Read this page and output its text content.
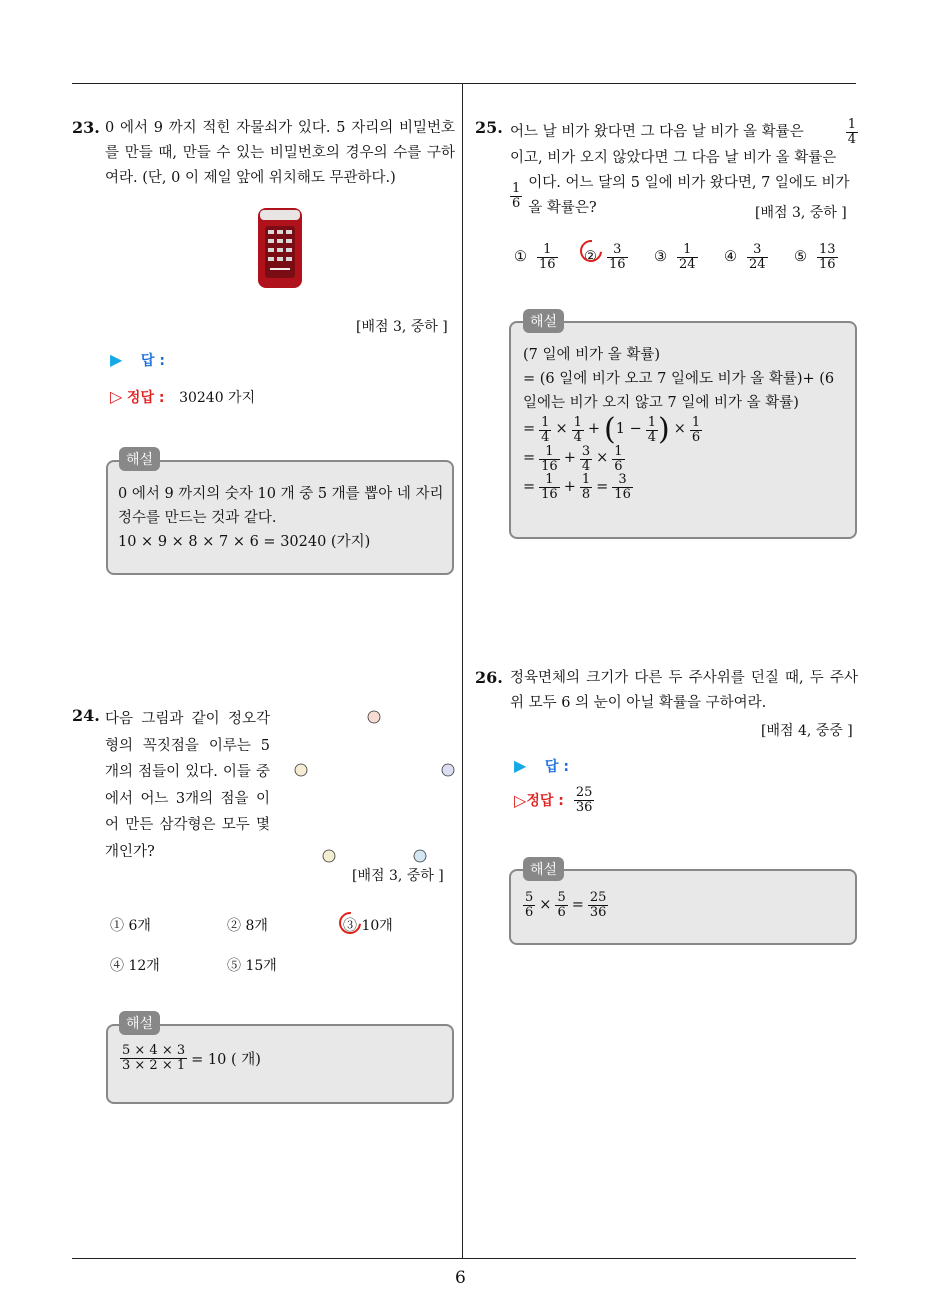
6
23. 0 에서 9 까지 적힌 자물쇠가 있다. 5 자리의 비밀번호를 만들 때, 만들 수 있는 비밀번호의 경우의 수를 구하여라. (단, 0 이 제일 앞에 위치해도 무관하다.)
[배점 3, 중하 ]
▶ 답 :
▷ 정답 : 30240 가지
0 에서 9 까지의 숫자 10 개 중 5 개를 뽑아 네 자리 정수를 만드는 것과 같다.
10 × 9 × 8 × 7 × 6 = 30240 (가지)
해설
24. 다음 그림과 같이 정오각형의 꼭짓점을 이루는 5 개의 점들이 있다. 이들 중에서 어느 3개의 점을 이어 만든 삼각형은 모두 몇 개인가?
[배점 3, 중하 ]
① 6개	② 8개	③ 10개
④ 12개	⑤ 15개
$\frac{5 \times 4 \times 3}{3 \times 2 \times 1} = 10$ ( 개)
해설
25. 어느 날 비가 왔다면 그 다음 날 비가 올 확률은	1
4
이고, 비가 오지 않았다면 그 다음 날 비가 올 확률은
1
6
이다. 어느 달의 5 일에 비가 왔다면, 7 일에도 비가 올 확률은?	[배점 3, 중하 ]
① 1
16 ② 3
16 ③ 1
24 ④ 3
24 ⑤ 13
16
(7 일에 비가 올 확률)
= (6 일에 비가 오고 7 일에도 비가 올 확률)+ (6 일에는 비가 오지 않고 7 일에 비가 올 확률)
= $\frac{1}{4} \times \frac{1}{4}$ + ( 1 − 1
4 ) × $\frac{1}{6}$
= 1
$16 + \frac{3}{4} \times \frac{1}{6}$
= 1
$16 + \frac{1}{8} = \frac{3}{16}$
해설
26. 정육면체의 크기가 다른 두 주사위를 던질 때, 두 주사위 모두 6 의 눈이 아닐 확률을 구하여라.
[배점 4, 중중 ]
▶ 답 :
▷ 정답 :
25
36
$\frac{5}{6} \times \frac{5}{6} = \frac{25}{36}$
해설
